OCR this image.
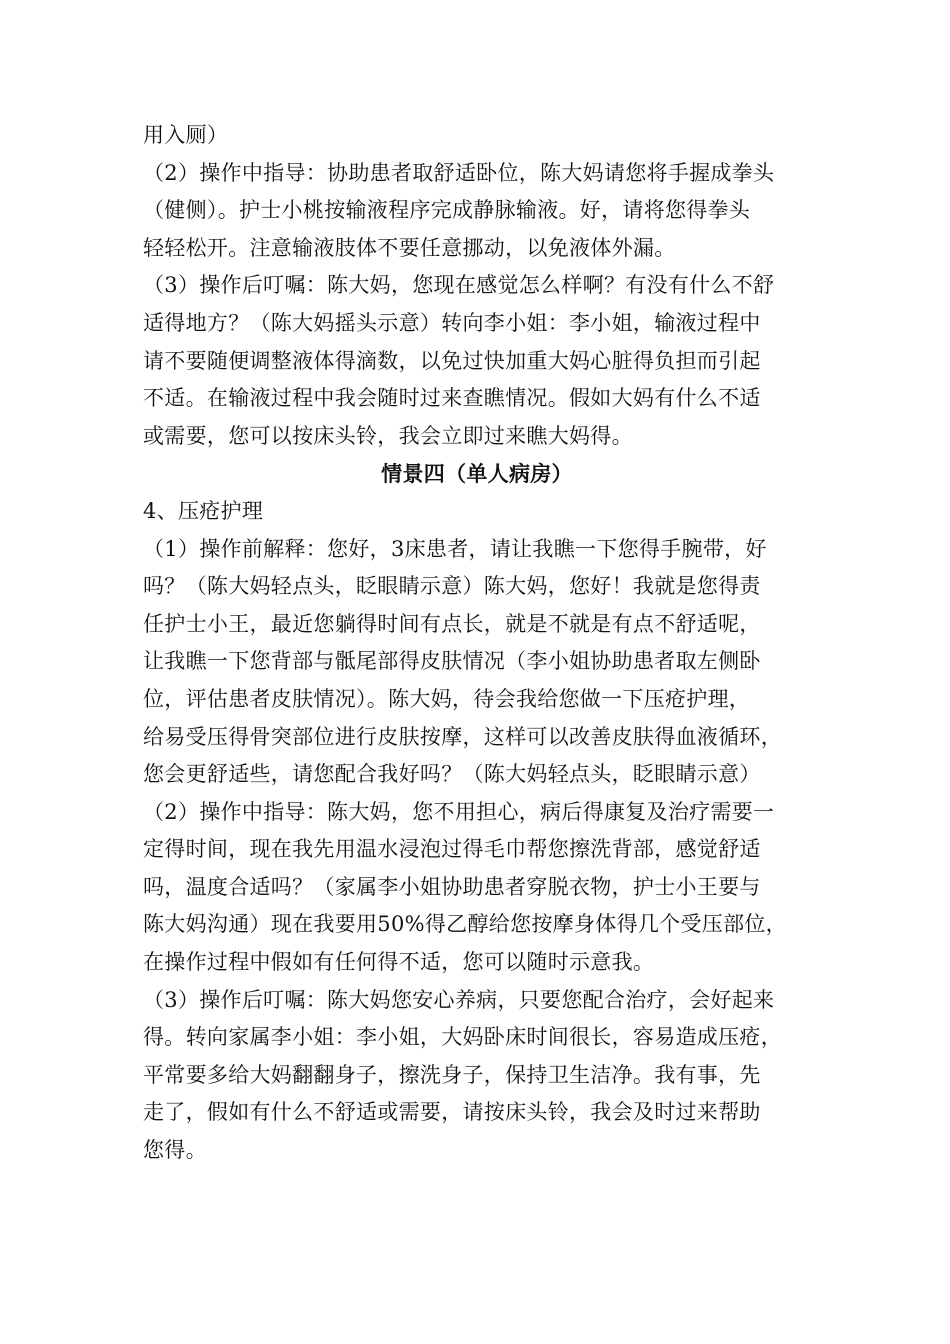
用入厕）
（2）操作中指导：协助患者取舒适卧位，陈大妈请您将手握成拳头
（健侧）。护士小桃按输液程序完成静脉输液。好，请将您得拳头
轻轻松开。注意输液肢体不要任意挪动，以免液体外漏。
（3）操作后叮嘱：陈大妈，您现在感觉怎么样啊？有没有什么不舒
适得地方？（陈大妈摇头示意）转向李小姐：李小姐，输液过程中
请不要随便调整液体得滴数，以免过快加重大妈心脏得负担而引起
不适。在输液过程中我会随时过来查瞧情况。假如大妈有什么不适
或需要，您可以按床头铃，我会立即过来瞧大妈得。
情景四（单人病房）
4、压疮护理
（1）操作前解释：您好，3床患者，请让我瞧一下您得手腕带，好
吗？（陈大妈轻点头，眨眼睛示意）陈大妈，您好！我就是您得责
任护士小王，最近您躺得时间有点长，就是不就是有点不舒适呢，
让我瞧一下您背部与骶尾部得皮肤情况（李小姐协助患者取左侧卧
位，评估患者皮肤情况）。陈大妈，待会我给您做一下压疮护理，
给易受压得骨突部位进行皮肤按摩，这样可以改善皮肤得血液循环，
您会更舒适些，请您配合我好吗？（陈大妈轻点头，眨眼睛示意）
（2）操作中指导：陈大妈，您不用担心，病后得康复及治疗需要一
定得时间，现在我先用温水浸泡过得毛巾帮您擦洗背部，感觉舒适
吗，温度合适吗？（家属李小姐协助患者穿脱衣物，护士小王要与
陈大妈沟通）现在我要用50%得乙醇给您按摩身体得几个受压部位，
在操作过程中假如有任何得不适，您可以随时示意我。
（3）操作后叮嘱：陈大妈您安心养病，只要您配合治疗，会好起来
得。转向家属李小姐：李小姐，大妈卧床时间很长，容易造成压疮，
平常要多给大妈翻翻身子，擦洗身子，保持卫生洁净。我有事，先
走了，假如有什么不舒适或需要，请按床头铃，我会及时过来帮助
您得。
